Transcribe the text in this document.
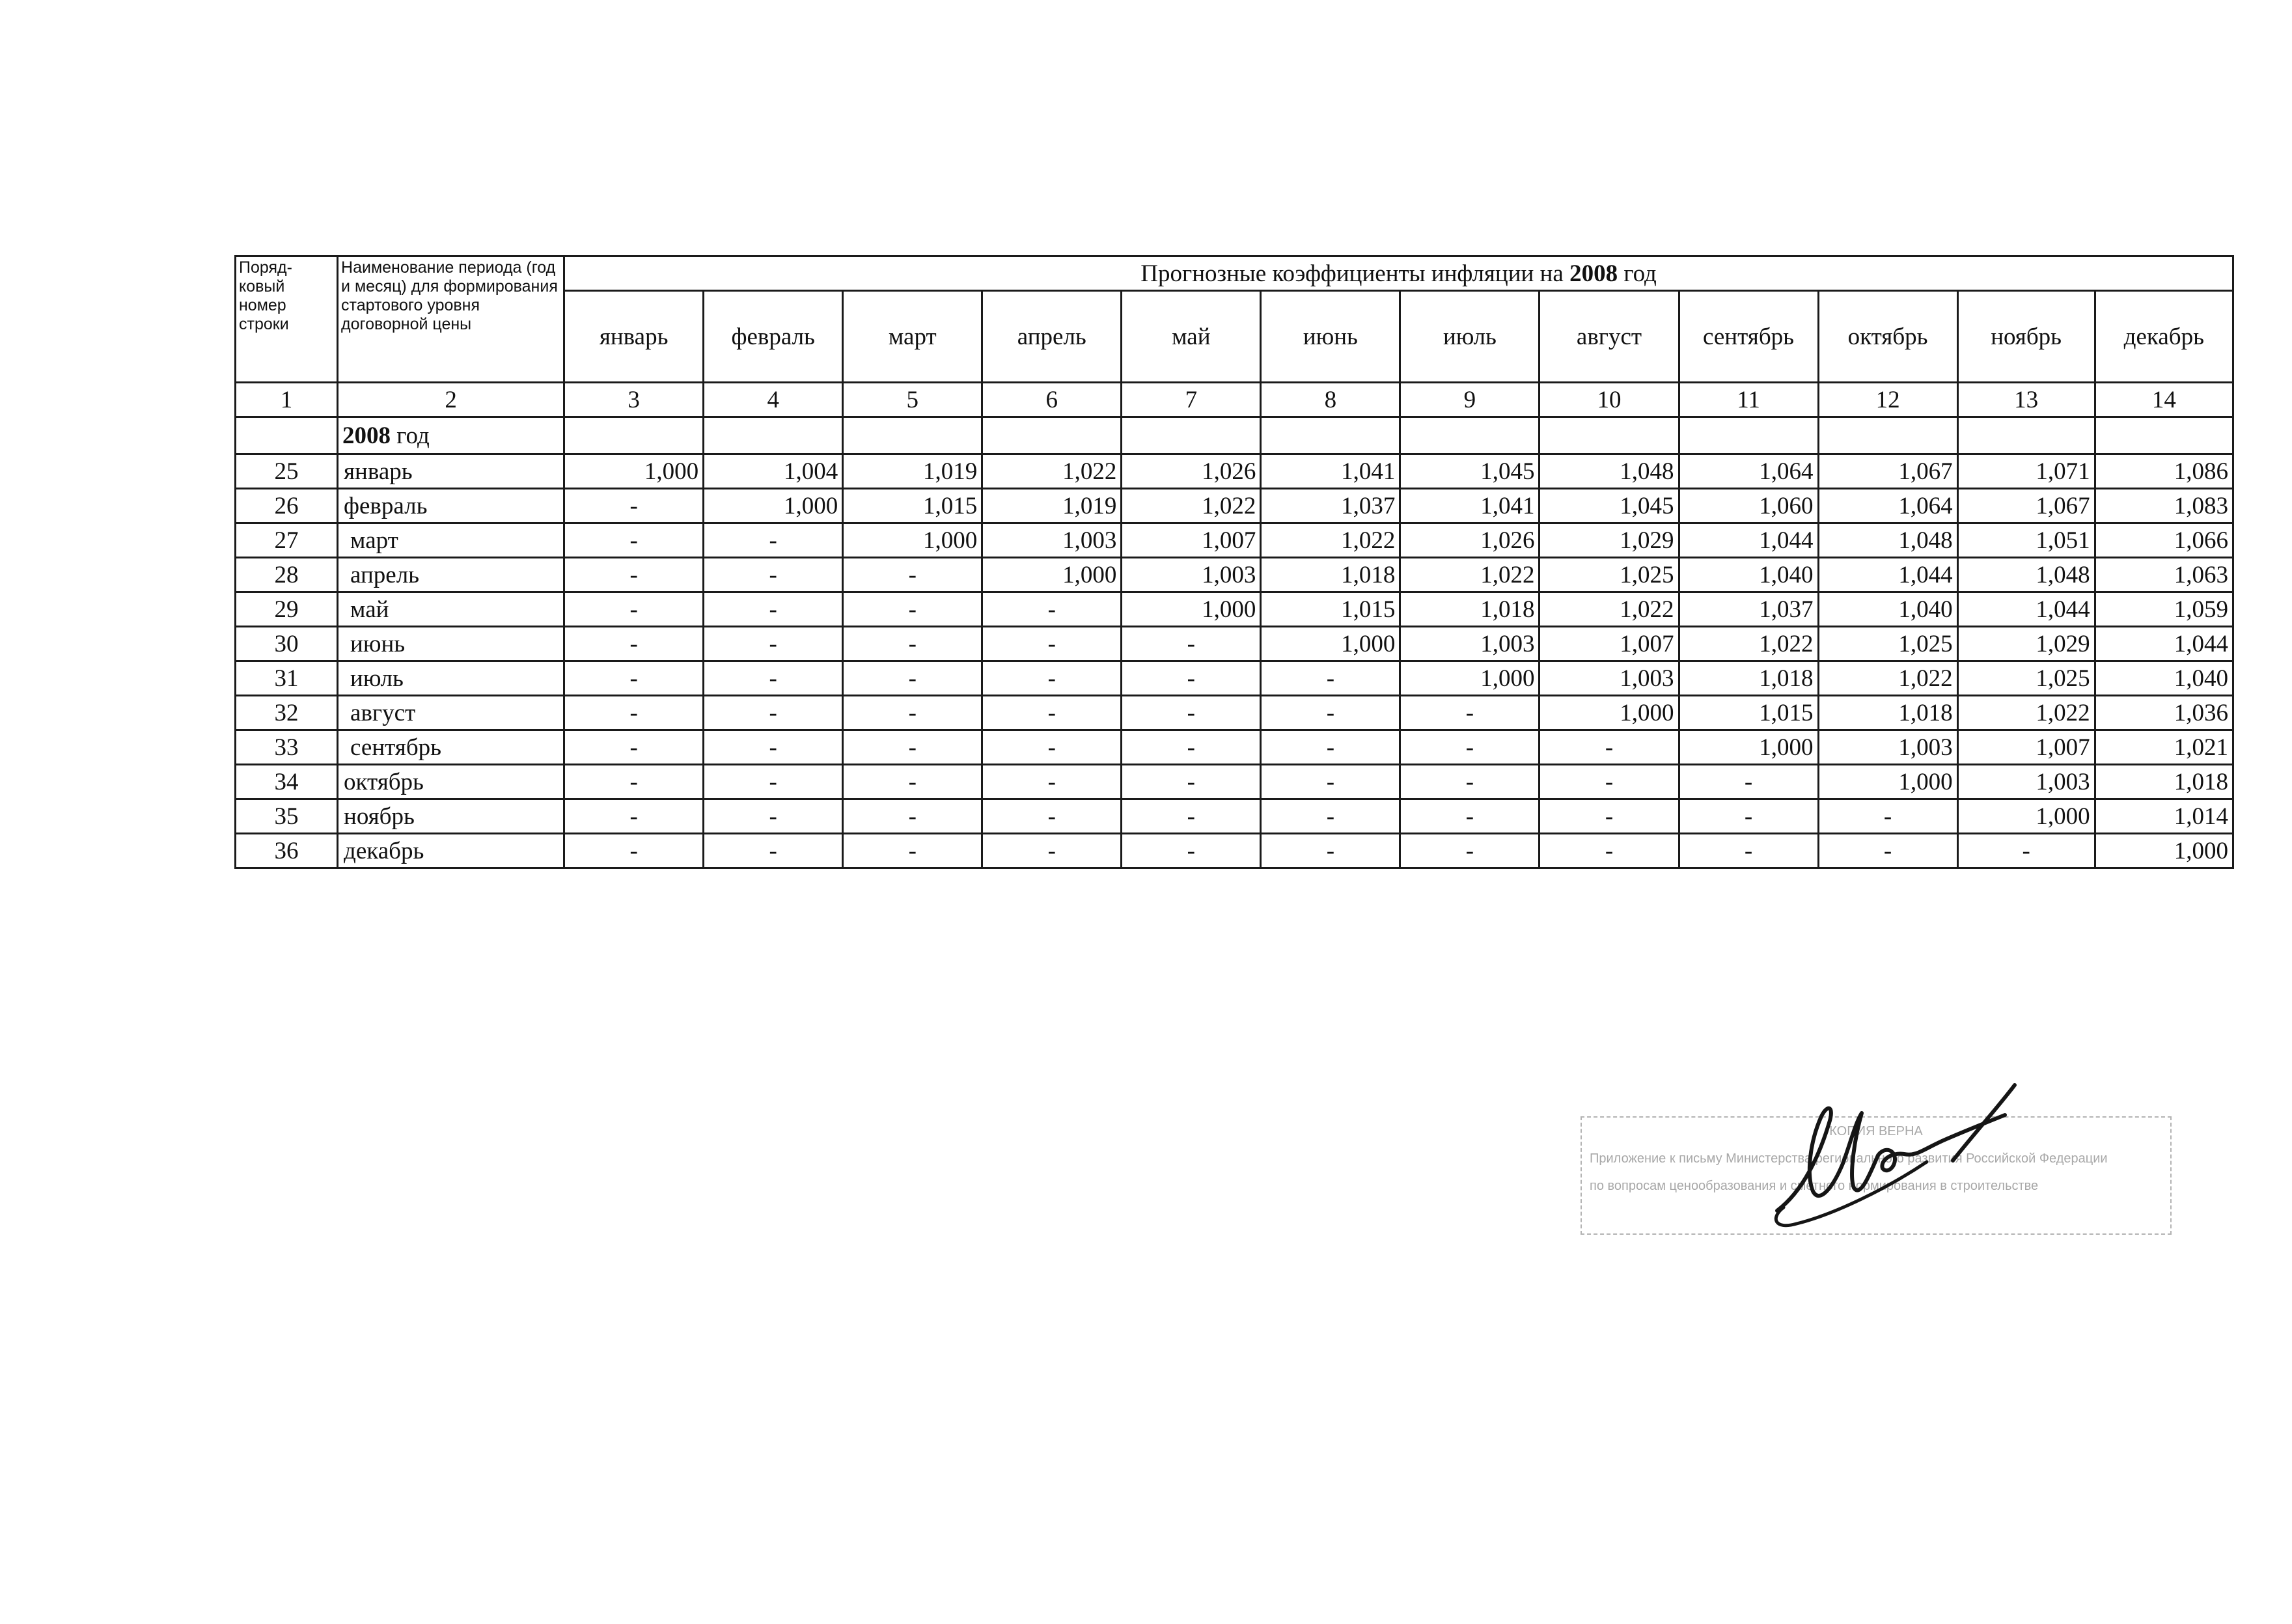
Поряд-ковый номер строки	Наименование периода (год и месяц) для формирования стартового уровня договорной цены	Прогнозные коэффициенты инфляции на 2008 год											
		январь	февраль	март	апрель	май	июнь	июль	август	сентябрь	октябрь	ноябрь	декабрь
1	2	3	4	5	6	7	8	9	10	11	12	13	14
	2008 год												
25	январь	1,000	1,004	1,019	1,022	1,026	1,041	1,045	1,048	1,064	1,067	1,071	1,086
26	февраль	-	1,000	1,015	1,019	1,022	1,037	1,041	1,045	1,060	1,064	1,067	1,083
27	март	-	-	1,000	1,003	1,007	1,022	1,026	1,029	1,044	1,048	1,051	1,066
28	апрель	-	-	-	1,000	1,003	1,018	1,022	1,025	1,040	1,044	1,048	1,063
29	май	-	-	-	-	1,000	1,015	1,018	1,022	1,037	1,040	1,044	1,059
30	июнь	-	-	-	-	-	1,000	1,003	1,007	1,022	1,025	1,029	1,044
31	июль	-	-	-	-	-	-	1,000	1,003	1,018	1,022	1,025	1,040
32	август	-	-	-	-	-	-	-	1,000	1,015	1,018	1,022	1,036
33	сентябрь	-	-	-	-	-	-	-	-	1,000	1,003	1,007	1,021
34	октябрь	-	-	-	-	-	-	-	-	-	1,000	1,003	1,018
35	ноябрь	-	-	-	-	-	-	-	-	-	-	1,000	1,014
36	декабрь	-	-	-	-	-	-	-	-	-	-	-	1,000
КОПИЯ ВЕРНА
Приложение к письму Министерства регионального развития Российской Федерации
по вопросам ценообразования и сметного нормирования в строительстве
